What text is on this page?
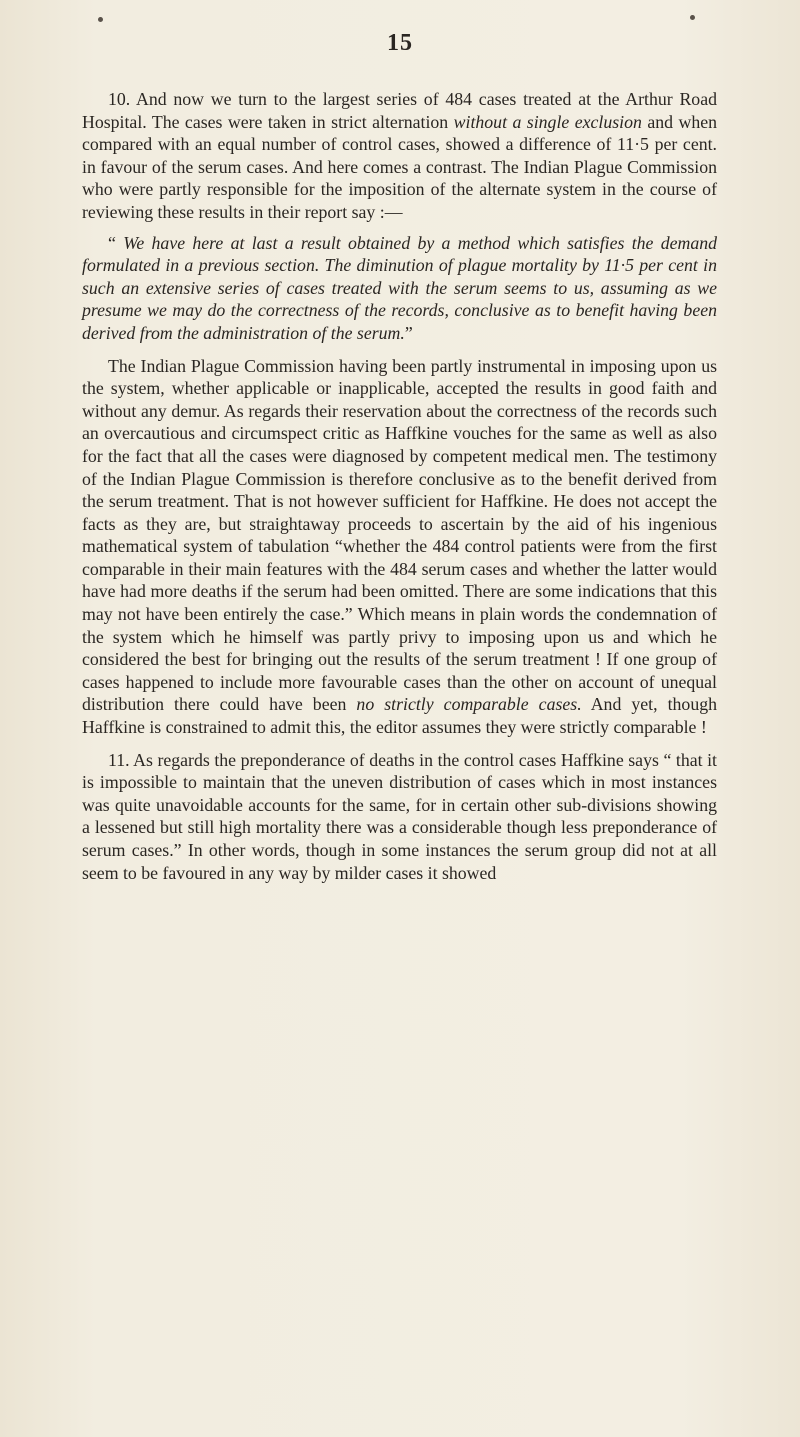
15

10. And now we turn to the largest series of 484 cases treated at the Arthur Road Hospital. The cases were taken in strict alternation without a single exclusion and when compared with an equal number of control cases, showed a difference of 11·5 per cent. in favour of the serum cases. And here comes a contrast. The Indian Plague Commission who were partly responsible for the imposition of the alternate system in the course of reviewing these results in their report say :—

“ We have here at last a result obtained by a method which satisfies the demand formulated in a previous section. The diminution of plague mortality by 11·5 per cent in such an extensive series of cases treated with the serum seems to us, assuming as we presume we may do the correctness of the records, conclusive as to benefit having been derived from the administration of the serum.”

The Indian Plague Commission having been partly instrumental in imposing upon us the system, whether applicable or inapplicable, accepted the results in good faith and without any demur. As regards their reservation about the correctness of the records such an overcautious and circumspect critic as Haffkine vouches for the same as well as also for the fact that all the cases were diagnosed by competent medical men. The testimony of the Indian Plague Commission is therefore conclusive as to the benefit derived from the serum treatment. That is not however sufficient for Haffkine. He does not accept the facts as they are, but straightaway proceeds to ascertain by the aid of his ingenious mathematical system of tabulation “whether the 484 control patients were from the first comparable in their main features with the 484 serum cases and whether the latter would have had more deaths if the serum had been omitted. There are some indications that this may not have been entirely the case.” Which means in plain words the condemnation of the system which he himself was partly privy to imposing upon us and which he considered the best for bringing out the results of the serum treatment ! If one group of cases happened to include more favourable cases than the other on account of unequal distribution there could have been no strictly comparable cases. And yet, though Haffkine is constrained to admit this, the editor assumes they were strictly comparable !

11. As regards the preponderance of deaths in the control cases Haffkine says “ that it is impossible to maintain that the uneven distribution of cases which in most instances was quite unavoidable accounts for the same, for in certain other sub-divisions showing a lessened but still high mortality there was a considerable though less preponderance of serum cases.” In other words, though in some instances the serum group did not at all seem to be favoured in any way by milder cases it showed
